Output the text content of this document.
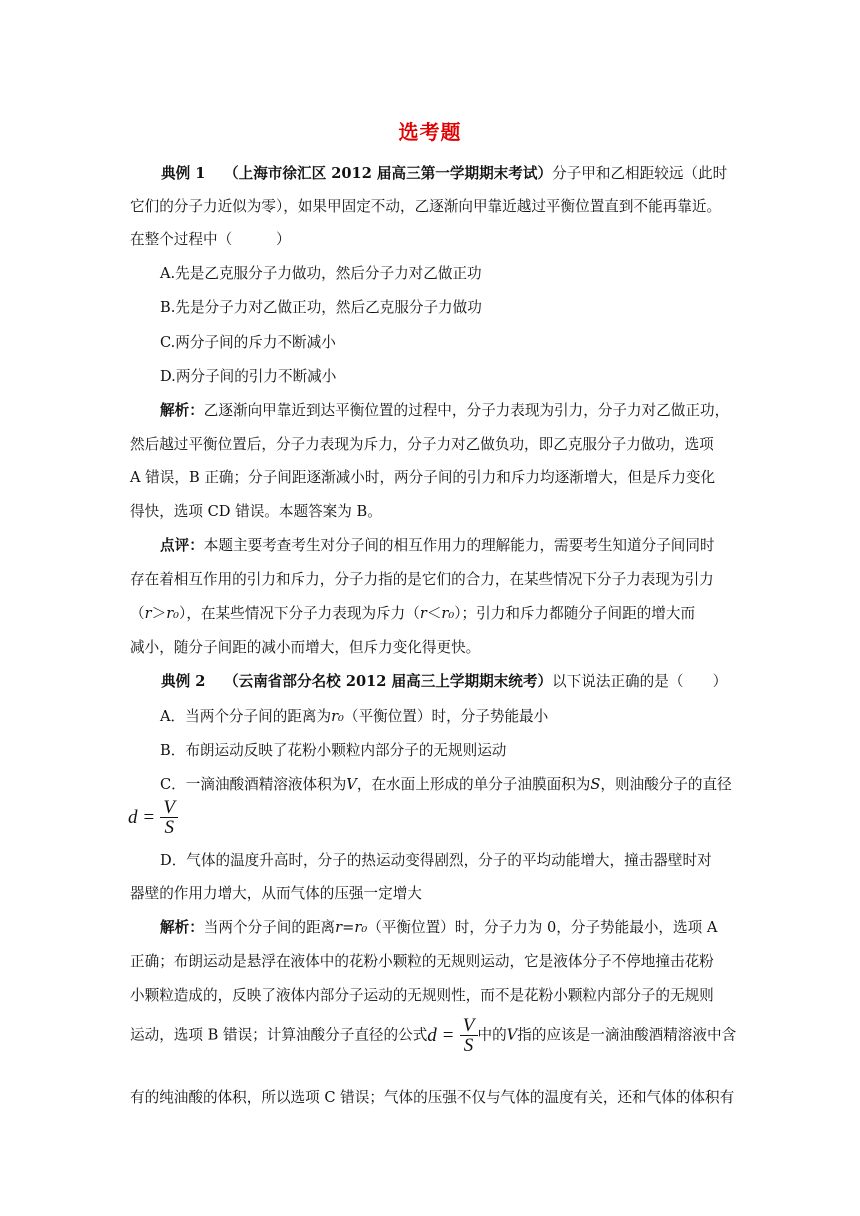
选考题
典例 1 （上海市徐汇区 2012 届高三第一学期期末考试）分子甲和乙相距较远（此时
它们的分子力近似为零），如果甲固定不动，乙逐渐向甲靠近越过平衡位置直到不能再靠近。
在整个过程中（　　　）
A.先是乙克服分子力做功，然后分子力对乙做正功
B.先是分子力对乙做正功，然后乙克服分子力做功
C.两分子间的斥力不断减小
D.两分子间的引力不断减小
解析：乙逐渐向甲靠近到达平衡位置的过程中，分子力表现为引力，分子力对乙做正功，
然后越过平衡位置后，分子力表现为斥力，分子力对乙做负功，即乙克服分子力做功，选项
A 错误，B 正确；分子间距逐渐减小时，两分子间的引力和斥力均逐渐增大，但是斥力变化
得快，选项 CD 错误。本题答案为 B。
点评：本题主要考查考生对分子间的相互作用力的理解能力，需要考生知道分子间同时
存在着相互作用的引力和斥力，分子力指的是它们的合力，在某些情况下分子力表现为引力
（r＞r₀），在某些情况下分子力表现为斥力（r＜r₀）；引力和斥力都随分子间距的增大而
减小，随分子间距的减小而增大，但斥力变化得更快。
典例 2 （云南省部分名校 2012 届高三上学期期末统考）以下说法正确的是（　　）
A．当两个分子间的距离为r₀（平衡位置）时，分子势能最小
B．布朗运动反映了花粉小颗粒内部分子的无规则运动
C．一滴油酸酒精溶液体积为V，在水面上形成的单分子油膜面积为S，则油酸分子的直径
$d = \frac{V}{S}$
D．气体的温度升高时，分子的热运动变得剧烈，分子的平均动能增大，撞击器壁时对
器壁的作用力增大，从而气体的压强一定增大
解析：当两个分子间的距离r=r₀（平衡位置）时，分子力为 0，分子势能最小，选项 A
正确；布朗运动是悬浮在液体中的花粉小颗粒的无规则运动，它是液体分子不停地撞击花粉
小颗粒造成的，反映了液体内部分子运动的无规则性，而不是花粉小颗粒内部分子的无规则
运动，选项 B 错误；计算油酸分子直径的公式 $d = \frac{V}{S}$ 中的V指的应该是一滴油酸酒精溶液中含
有的纯油酸的体积，所以选项 C 错误；气体的压强不仅与气体的温度有关，还和气体的体积有
